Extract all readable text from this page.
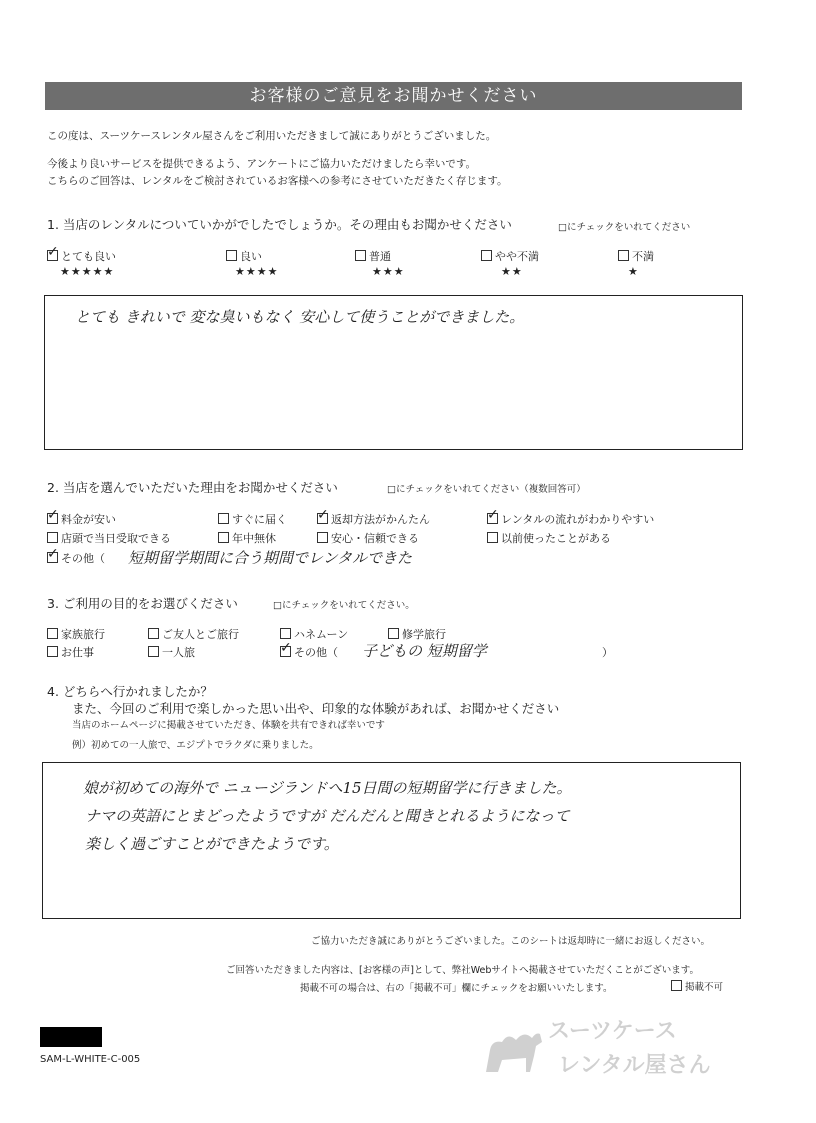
お客様のご意見をお聞かせください
この度は、スーツケースレンタル屋さんをご利用いただきまして誠にありがとうございました。
今後より良いサービスを提供できるよう、アンケートにご協力いただけましたら幸いです。
こちらのご回答は、レンタルをご検討されているお客様への参考にさせていただきたく存じます。
1. 当店のレンタルについていかがでしたでしょうか。その理由もお聞かせください	□にチェックをいれてください
✓とても良い	良い	普通	やや不満	不満
★★★★★	★★★★	★★★	★★	★
とても きれいで 変な臭いもなく 安心して使うことができました。
2. 当店を選んでいただいた理由をお聞かせください	□にチェックをいれてください（複数回答可）
✓料金が安い	すぐに届く ✓	返却方法がかんたん ✓	レンタルの流れがわかりやすい
店頭で当日受取できる	年中無休	安心・信頼できる	以前使ったことがある
✓その他（ 短期留学期間に合う期間でレンタルできた
3. ご利用の目的をお選びください	□にチェックをいれてください。
家族旅行	ご友人とご旅行	ハネムーン	修学旅行
お仕事	一人旅 ✓	その他（ 子どもの 短期留学	）
4. どちらへ行かれましたか？
また、今回のご利用で楽しかった思い出や、印象的な体験があれば、お聞かせください
当店のホームページに掲載させていただき、体験を共有できれば幸いです
例）初めての一人旅で、エジプトでラクダに乗りました。
娘が初めての海外で ニュージランドへ15日間の短期留学に行きました。
ナマの英語にとまどったようですが だんだんと聞きとれるようになって
楽しく過ごすことができたようです。
ご協力いただき誠にありがとうございました。このシートは返却時に一緒にお返しください。
ご回答いただきました内容は、[お客様の声]として、弊社Webサイトへ掲載させていただくことがございます。
掲載不可の場合は、右の「掲載不可」欄にチェックをお願いいたします。	掲載不可
SAM-L-WHITE-C-005
スーツケース
レンタル屋さん
